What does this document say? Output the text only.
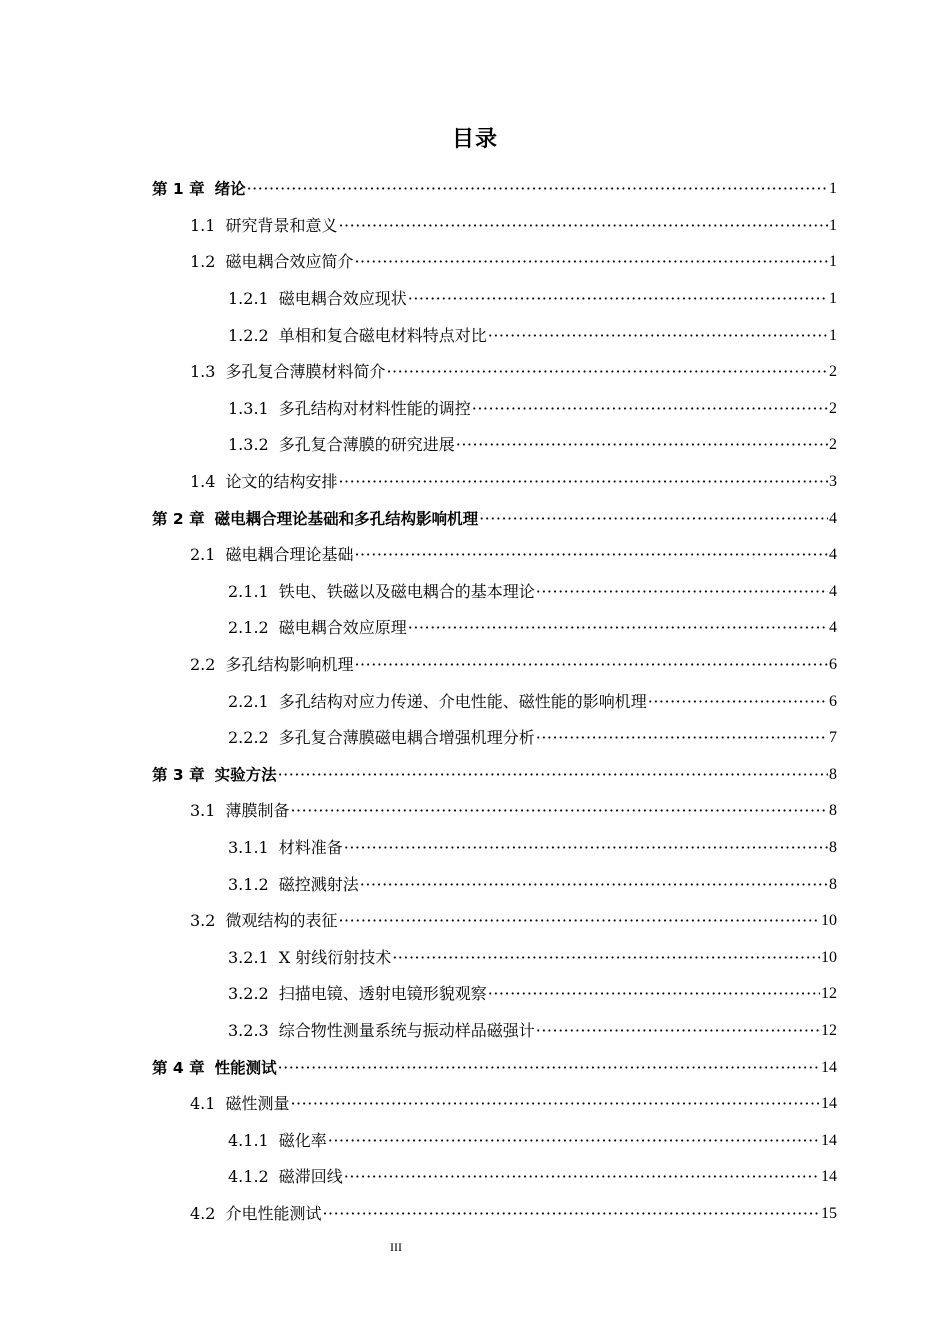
目录
第 1 章 绪论 ·····	1
1.1 研究背景和意义 ·····	1
1.2 磁电耦合效应简介 ·····	1
1.2.1 磁电耦合效应现状 ·····	1
1.2.2 单相和复合磁电材料特点对比 ·····	1
1.3 多孔复合薄膜材料简介 ·····	2
1.3.1 多孔结构对材料性能的调控 ·····	2
1.3.2 多孔复合薄膜的研究进展 ·····	2
1.4 论文的结构安排 ·····	3
第 2 章 磁电耦合理论基础和多孔结构影响机理 ·····	4
2.1 磁电耦合理论基础 ·····	4
2.1.1 铁电、铁磁以及磁电耦合的基本理论 ·····	4
2.1.2 磁电耦合效应原理 ·····	4
2.2 多孔结构影响机理 ·····	6
2.2.1 多孔结构对应力传递、介电性能、磁性能的影响机理 ·····	6
2.2.2 多孔复合薄膜磁电耦合增强机理分析 ·····	7
第 3 章 实验方法 ·····	8
3.1 薄膜制备 ·····	8
3.1.1 材料准备 ·····	8
3.1.2 磁控溅射法 ·····	8
3.2 微观结构的表征 ·····	10
3.2.1 X 射线衍射技术 ·····	10
3.2.2 扫描电镜、透射电镜形貌观察 ·····	12
3.2.3 综合物性测量系统与振动样品磁强计 ·····	12
第 4 章 性能测试 ·····	14
4.1 磁性测量 ·····	14
4.1.1 磁化率 ·····	14
4.1.2 磁滞回线 ·····	14
4.2 介电性能测试 ·····	15
III
